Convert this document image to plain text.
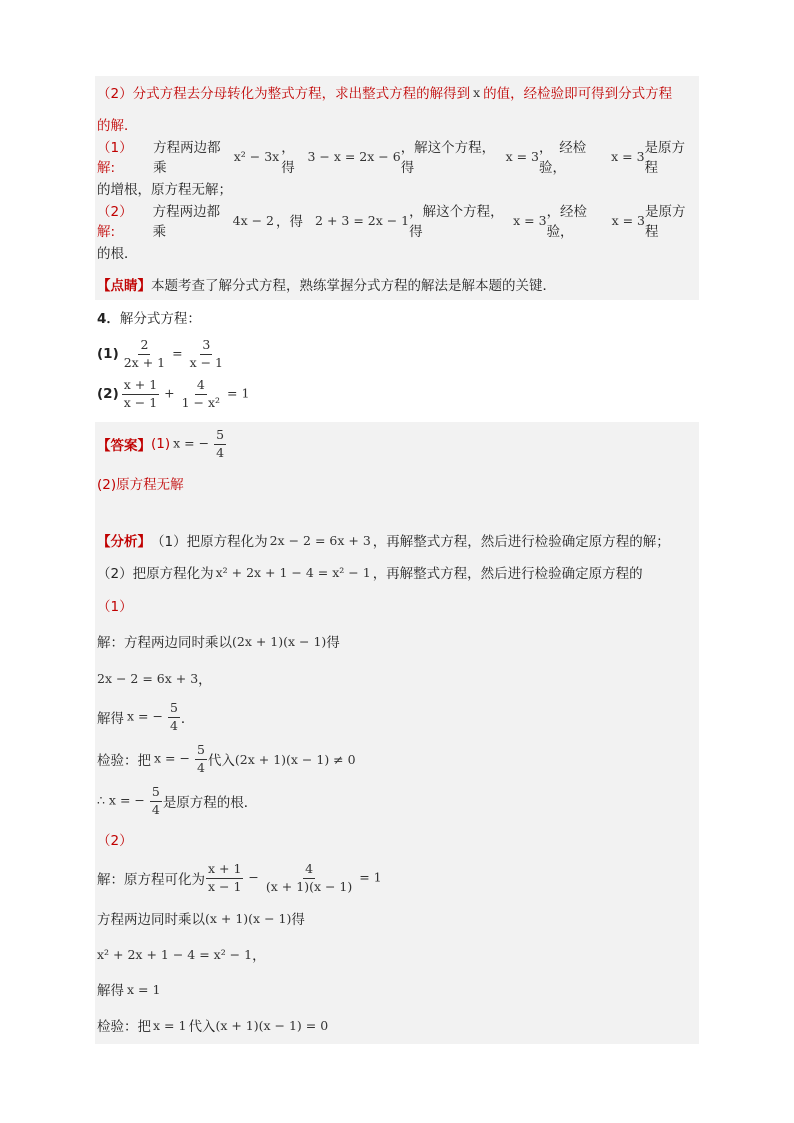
（2） 分式方程去分母转化为整式方程，求出整式方程的解得到 x 的值，经检验即可得到分式方程
的解．
（1）解:
方程两边都乘
x² − 3x ，得
3 − x = 2x − 6 ，解这个方程，得
x = 3 ，　经检验，
x = 3 是原方程
的增根，原方程无解；
（2）解:
方程两边都乘
4x − 2 ，得　
2 + 3 = 2x − 1 ，解这个方程，得
x = 3 ，经检验，
x = 3 是原方程
的根．
【点睛】 本题考查了解分式方程，熟练掌握分式方程的解法是解本题的关键．
4． 解分式方程：
$(1) \frac{2}{2x + 1} = \frac{3}{x - 1}$
$(2) \frac{x + 1}{x - 1} + \frac{4}{\text{1 − x²}} = 1$
【答案】 (1) x = − $\frac{5}{4}$
(2)原方程无解
【分析】 （1）把原方程化为 2x − 2 = 6x + 3 ，再解整式方程，然后进行检验确定原方程的解；
（2）把原方程化为 x² + 2x + 1 − 4 = x² − 1 ，再解整式方程，然后进行检验确定原方程的
（1）
解：方程两边同时乘以 (2x + 1)(x − 1) 得
2x − 2 = 6x + 3 ，
解得 x = − $\frac{5}{4}$ ．
检验：把 x = − $\frac{5}{4}$ 代入 (2x + 1)(x − 1) ≠ 0
∴ x = − $\frac{5}{4}$ 是原方程的根．
（2）
解：原方程可化为 $\frac{x + 1}{x - 1} - \frac{4}{(x + 1)(x - 1)} = 1$
方程两边同时乘以 (x + 1)(x − 1) 得
x² + 2x + 1 − 4 = x² − 1 ，
解得 x = 1
检验：把 x = 1 代入 (x + 1)(x − 1) = 0
